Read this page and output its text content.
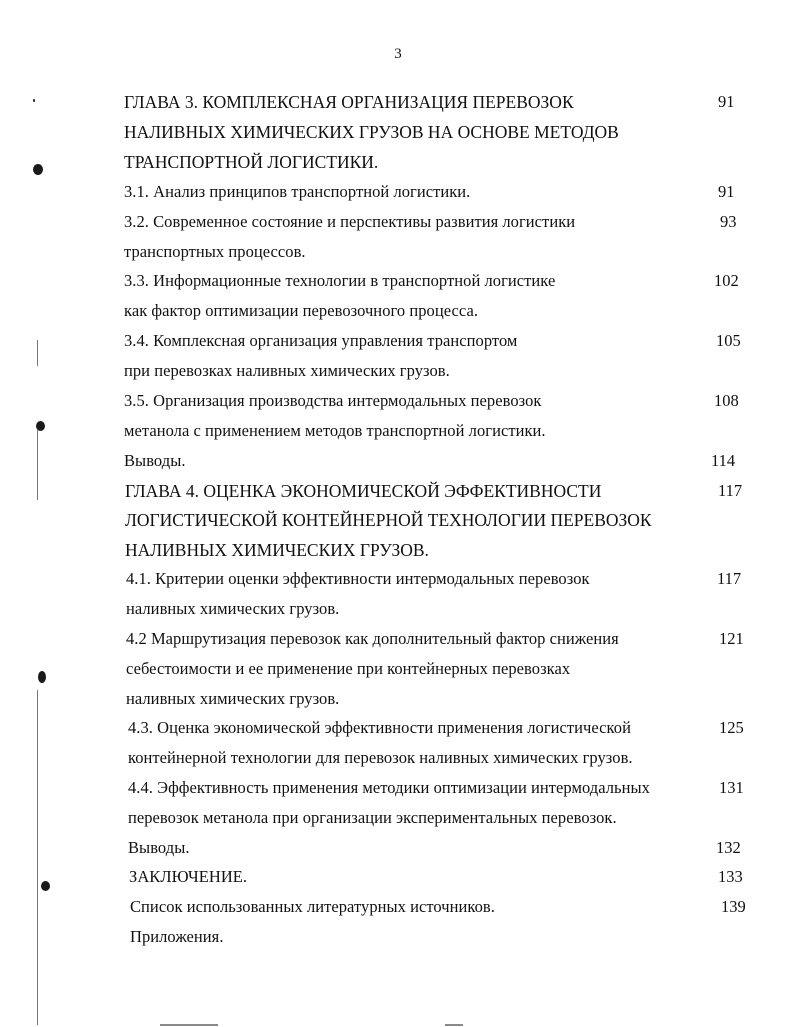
3
ГЛАВА 3. КОМПЛЕКСНАЯ ОРГАНИЗАЦИЯ ПЕРЕВОЗОК	91
НАЛИВНЫХ ХИМИЧЕСКИХ ГРУЗОВ НА ОСНОВЕ МЕТОДОВ
ТРАНСПОРТНОЙ ЛОГИСТИКИ.
3.1. Анализ принципов транспортной логистики.	91
3.2. Современное состояние и перспективы развития логистики	93
транспортных процессов.
3.3. Информационные технологии в транспортной логистике	102
как фактор оптимизации перевозочного процесса.
3.4. Комплексная организация управления транспортом	105
при перевозках наливных химических грузов.
3.5. Организация производства интермодальных перевозок	108
метанола с применением методов транспортной логистики.
Выводы.	114
ГЛАВА 4. ОЦЕНКА ЭКОНОМИЧЕСКОЙ ЭФФЕКТИВНОСТИ	117
ЛОГИСТИЧЕСКОЙ КОНТЕЙНЕРНОЙ ТЕХНОЛОГИИ ПЕРЕВОЗОК
НАЛИВНЫХ ХИМИЧЕСКИХ ГРУЗОВ.
4.1. Критерии оценки эффективности интермодальных перевозок	117
наливных химических грузов.
4.2 Маршрутизация перевозок как дополнительный фактор снижения	121
себестоимости и ее применение при контейнерных перевозках
наливных химических грузов.
4.3. Оценка экономической эффективности применения логистической	125
контейнерной технологии для перевозок наливных химических грузов.
4.4. Эффективность применения методики оптимизации интермодальных	131
перевозок метанола при организации экспериментальных перевозок.
Выводы.	132
ЗАКЛЮЧЕНИЕ.	133
Список использованных литературных источников.	139
Приложения.
